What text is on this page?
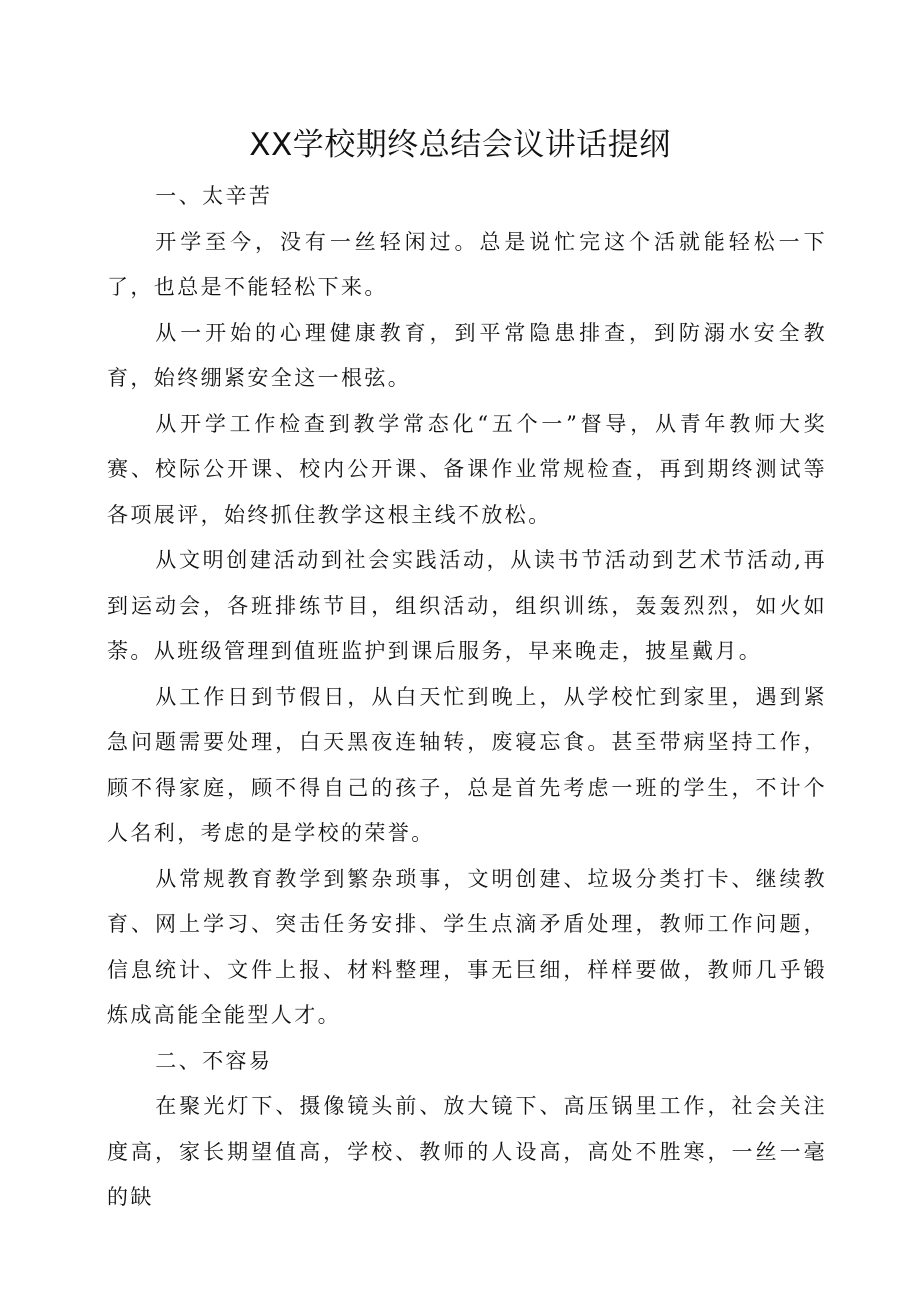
XX学校期终总结会议讲话提纲

一、太辛苦

开学至今，没有一丝轻闲过。总是说忙完这个活就能轻松一下了，也总是不能轻松下来。

从一开始的心理健康教育，到平常隐患排查，到防溺水安全教育，始终绷紧安全这一根弦。

从开学工作检查到教学常态化“五个一”督导，从青年教师大奖赛、校际公开课、校内公开课、备课作业常规检查，再到期终测试等各项展评，始终抓住教学这根主线不放松。

从文明创建活动到社会实践活动，从读书节活动到艺术节活动,再到运动会，各班排练节目，组织活动，组织训练，轰轰烈烈，如火如荼。从班级管理到值班监护到课后服务，早来晚走，披星戴月。

从工作日到节假日，从白天忙到晚上，从学校忙到家里，遇到紧急问题需要处理，白天黑夜连轴转，废寝忘食。甚至带病坚持工作，顾不得家庭，顾不得自己的孩子，总是首先考虑一班的学生，不计个人名利，考虑的是学校的荣誉。

从常规教育教学到繁杂琐事，文明创建、垃圾分类打卡、继续教育、网上学习、突击任务安排、学生点滴矛盾处理，教师工作问题，信息统计、文件上报、材料整理，事无巨细，样样要做，教师几乎锻炼成高能全能型人才。

二、不容易

在聚光灯下、摄像镜头前、放大镜下、高压锅里工作，社会关注度高，家长期望值高，学校、教师的人设高，高处不胜寒，一丝一毫的缺
